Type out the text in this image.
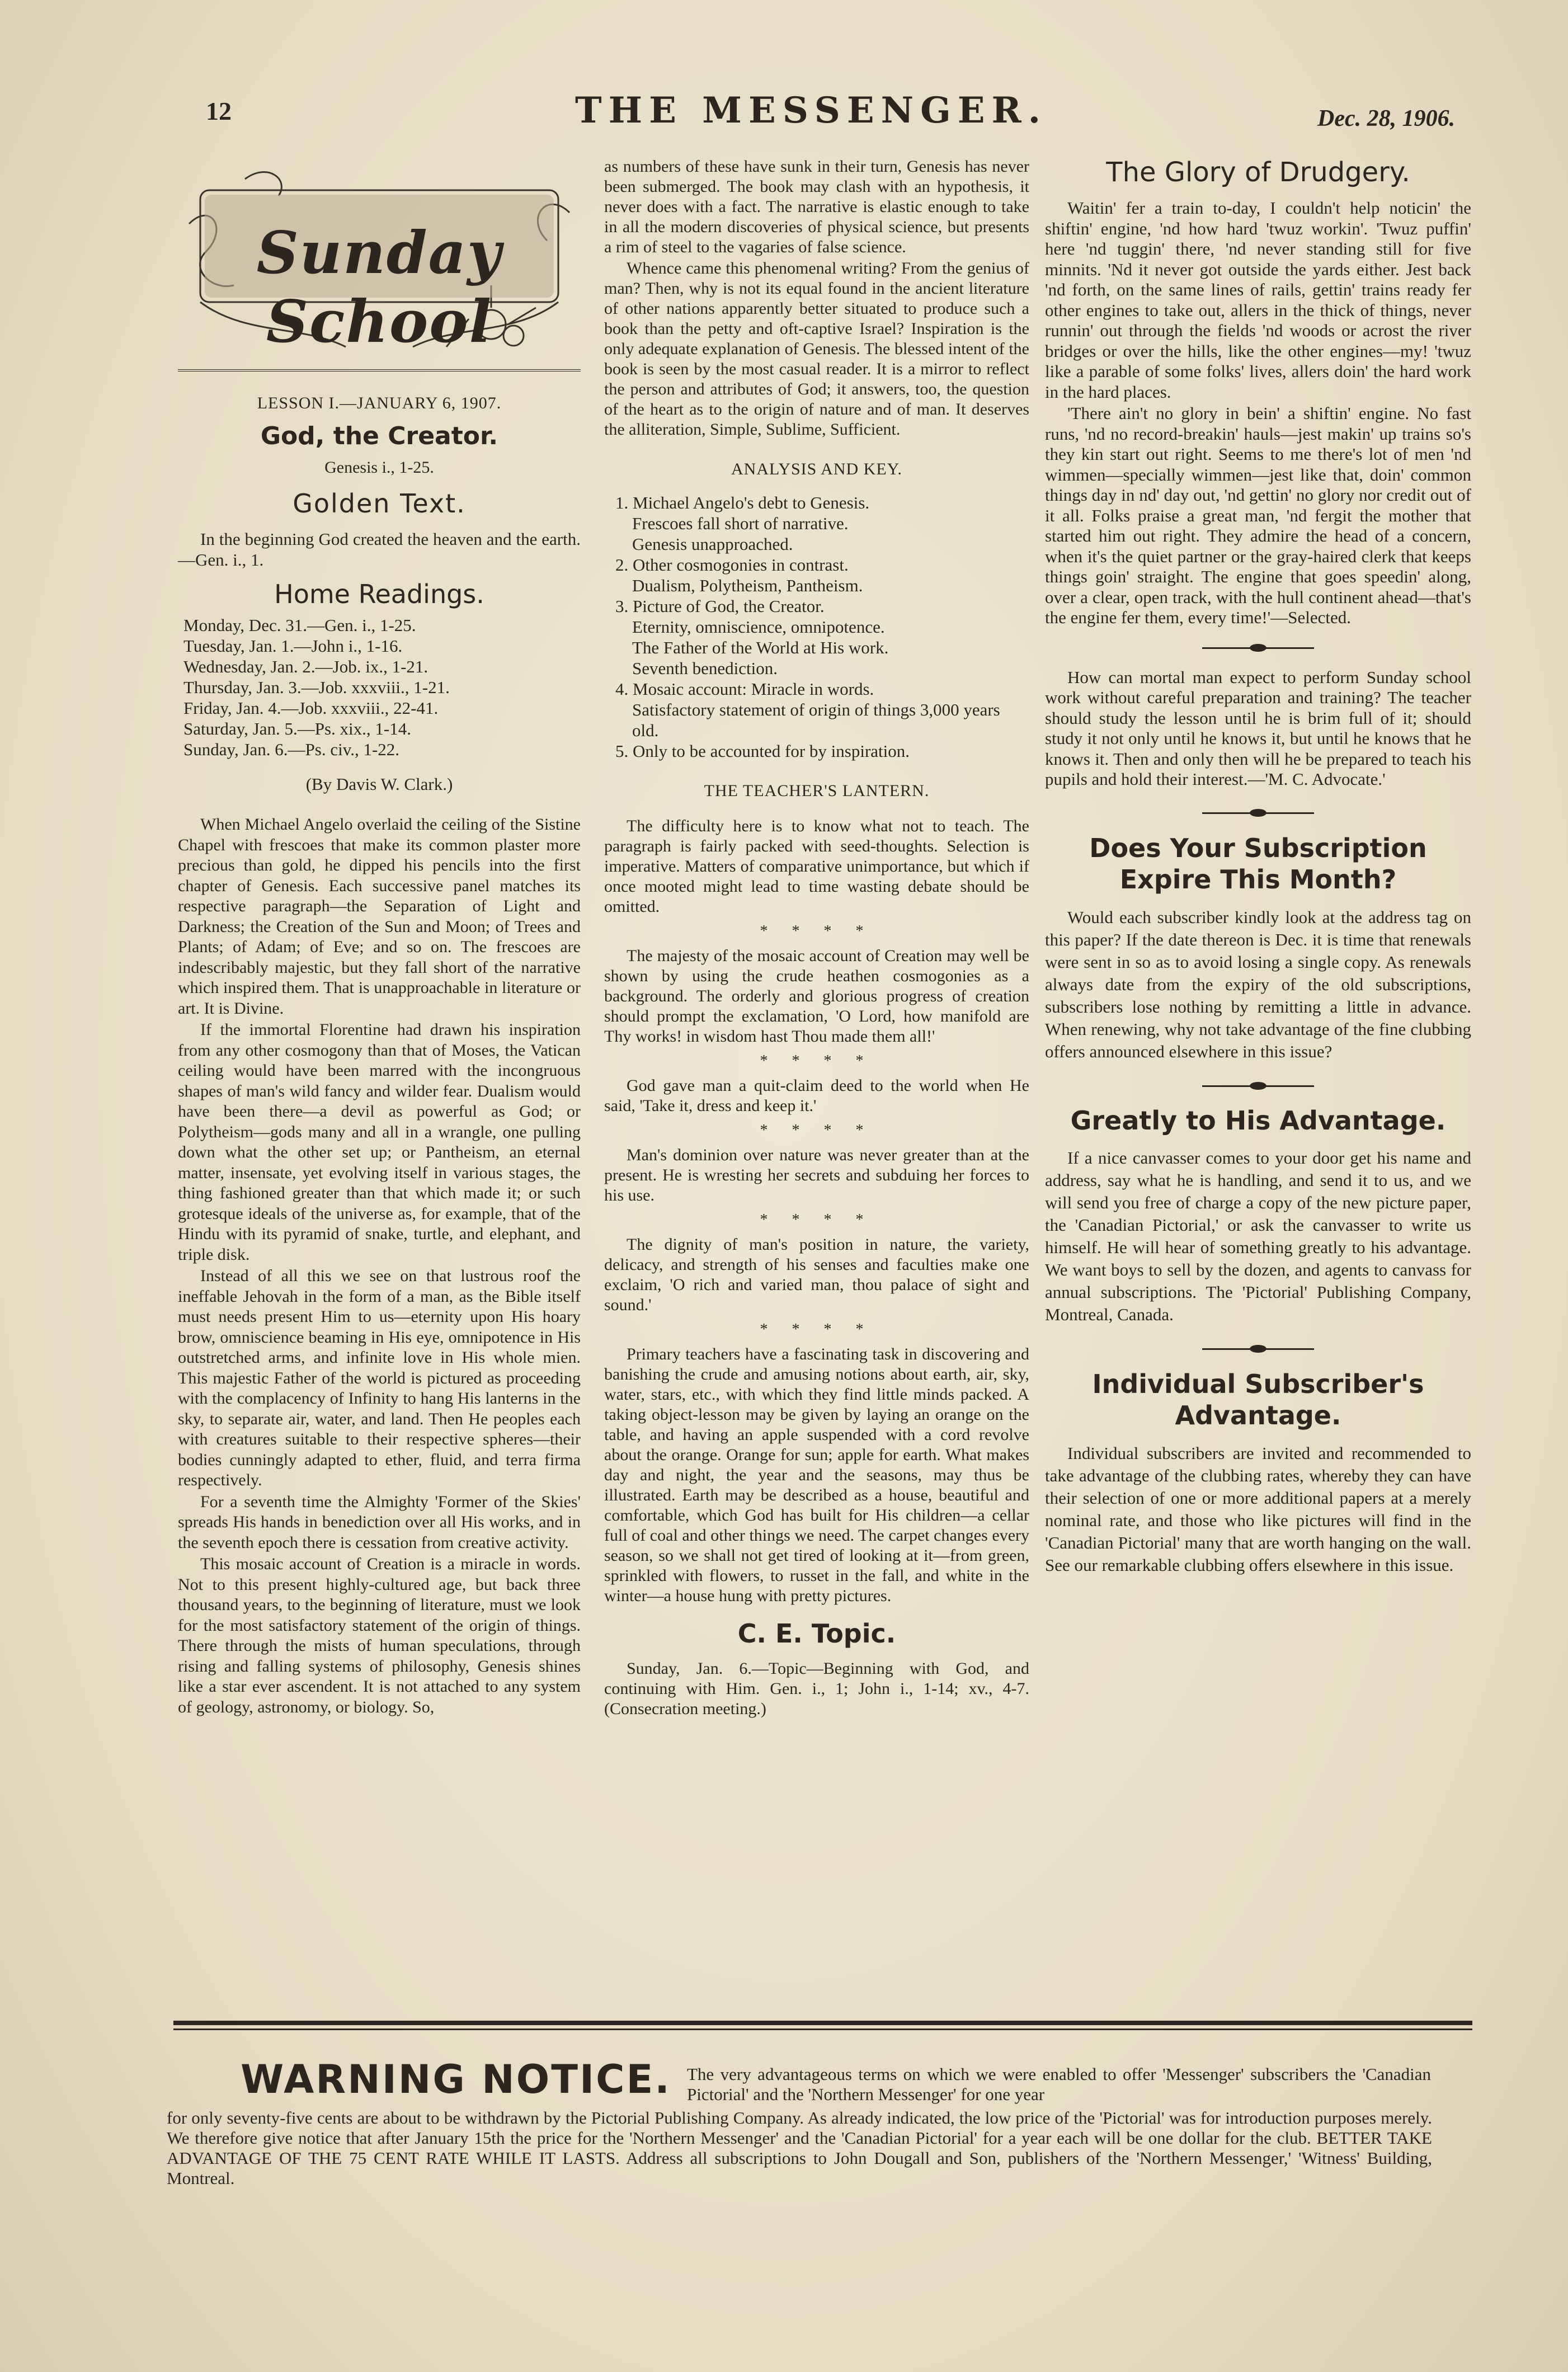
12	THE MESSENGER.	Dec. 28, 1906.
Sunday School
LESSON I.—JANUARY 6, 1907.
God, the Creator.
Genesis i., 1-25.
Golden Text.
In the beginning God created the heaven and the earth.—Gen. i., 1.
Home Readings.
Monday, Dec. 31.—Gen. i., 1-25.
Tuesday, Jan. 1.—John i., 1-16.
Wednesday, Jan. 2.—Job. ix., 1-21.
Thursday, Jan. 3.—Job. xxxviii., 1-21.
Friday, Jan. 4.—Job. xxxviii., 22-41.
Saturday, Jan. 5.—Ps. xix., 1-14.
Sunday, Jan. 6.—Ps. civ., 1-22.
(By Davis W. Clark.)

When Michael Angelo overlaid the ceiling of the Sistine Chapel with frescoes that make its common plaster more precious than gold, he dipped his pencils into the first chapter of Genesis. Each successive panel matches its respective paragraph—the Separation of Light and Darkness; the Creation of the Sun and Moon; of Trees and Plants; of Adam; of Eve; and so on. The frescoes are indescribably majestic, but they fall short of the narrative which inspired them. That is unapproachable in literature or art. It is Divine.

If the immortal Florentine had drawn his inspiration from any other cosmogony than that of Moses, the Vatican ceiling would have been marred with the incongruous shapes of man's wild fancy and wilder fear. Dualism would have been there—a devil as powerful as God; or Polytheism—gods many and all in a wrangle, one pulling down what the other set up; or Pantheism, an eternal matter, insensate, yet evolving itself in various stages, the thing fashioned greater than that which made it; or such grotesque ideals of the universe as, for example, that of the Hindu with its pyramid of snake, turtle, and elephant, and triple disk.

Instead of all this we see on that lustrous roof the ineffable Jehovah in the form of a man, as the Bible itself must needs present Him to us—eternity upon His hoary brow, omniscience beaming in His eye, omnipotence in His outstretched arms, and infinite love in His whole mien. This majestic Father of the world is pictured as proceeding with the complacency of Infinity to hang His lanterns in the sky, to separate air, water, and land. Then He peoples each with creatures suitable to their respective spheres—their bodies cunningly adapted to ether, fluid, and terra firma respectively.

For a seventh time the Almighty 'Former of the Skies' spreads His hands in benediction over all His works, and in the seventh epoch there is cessation from creative activity.

This mosaic account of Creation is a miracle in words. Not to this present highly-cultured age, but back three thousand years, to the beginning of literature, must we look for the most satisfactory statement of the origin of things. There through the mists of human speculations, through rising and falling systems of philosophy, Genesis shines like a star ever ascendent. It is not attached to any system of geology, astronomy, or biology. So,

as numbers of these have sunk in their turn, Genesis has never been submerged. The book may clash with an hypothesis, it never does with a fact. The narrative is elastic enough to take in all the modern discoveries of physical science, but presents a rim of steel to the vagaries of false science.

Whence came this phenomenal writing? From the genius of man? Then, why is not its equal found in the ancient literature of other nations apparently better situated to produce such a book than the petty and oft-captive Israel? Inspiration is the only adequate explanation of Genesis. The blessed intent of the book is seen by the most casual reader. It is a mirror to reflect the person and attributes of God; it answers, too, the question of the heart as to the origin of nature and of man. It deserves the alliteration, Simple, Sublime, Sufficient.

ANALYSIS AND KEY.
1. Michael Angelo's debt to Genesis.
Frescoes fall short of narrative.
Genesis unapproached.
2. Other cosmogonies in contrast.
Dualism, Polytheism, Pantheism.
3. Picture of God, the Creator.
Eternity, omniscience, omnipotence.
The Father of the World at His work.
Seventh benediction.
4. Mosaic account: Miracle in words.
Satisfactory statement of origin of things 3,000 years old.
5. Only to be accounted for by inspiration.
THE TEACHER'S LANTERN.

The difficulty here is to know what not to teach. The paragraph is fairly packed with seed-thoughts. Selection is imperative. Matters of comparative unimportance, but which if once mooted might lead to time wasting debate should be omitted.

* * * *

The majesty of the mosaic account of Creation may well be shown by using the crude heathen cosmogonies as a background. The orderly and glorious progress of creation should prompt the exclamation, 'O Lord, how manifold are Thy works! in wisdom hast Thou made them all!'

* * * *

God gave man a quit-claim deed to the world when He said, 'Take it, dress and keep it.'

* * * *

Man's dominion over nature was never greater than at the present. He is wresting her secrets and subduing her forces to his use.

* * * *

The dignity of man's position in nature, the variety, delicacy, and strength of his senses and faculties make one exclaim, 'O rich and varied man, thou palace of sight and sound.'

* * * *

Primary teachers have a fascinating task in discovering and banishing the crude and amusing notions about earth, air, sky, water, stars, etc., with which they find little minds packed. A taking object-lesson may be given by laying an orange on the table, and having an apple suspended with a cord revolve about the orange. Orange for sun; apple for earth. What makes day and night, the year and the seasons, may thus be illustrated. Earth may be described as a house, beautiful and comfortable, which God has built for His children—a cellar full of coal and other things we need. The carpet changes every season, so we shall not get tired of looking at it—from green, sprinkled with flowers, to russet in the fall, and white in the winter—a house hung with pretty pictures.

C. E. Topic.
Sunday, Jan. 6.—Topic—Beginning with God, and continuing with Him. Gen. i., 1; John i., 1-14; xv., 4-7. (Consecration meeting.)
The Glory of Drudgery.

Waitin' fer a train to-day, I couldn't help noticin' the shiftin' engine, 'nd how hard 'twuz workin'. 'Twuz puffin' here 'nd tuggin' there, 'nd never standing still for five minnits. 'Nd it never got outside the yards either. Jest back 'nd forth, on the same lines of rails, gettin' trains ready fer other engines to take out, allers in the thick of things, never runnin' out through the fields 'nd woods or acrost the river bridges or over the hills, like the other engines—my! 'twuz like a parable of some folks' lives, allers doin' the hard work in the hard places.

'There ain't no glory in bein' a shiftin' engine. No fast runs, 'nd no record-breakin' hauls—jest makin' up trains so's they kin start out right. Seems to me there's lot of men 'nd wimmen—specially wimmen—jest like that, doin' common things day in nd' day out, 'nd gettin' no glory nor credit out of it all. Folks praise a great man, 'nd fergit the mother that started him out right. They admire the head of a concern, when it's the quiet partner or the gray-haired clerk that keeps things goin' straight. The engine that goes speedin' along, over a clear, open track, with the hull continent ahead—that's the engine fer them, every time!'—Selected.

How can mortal man expect to perform Sunday school work without careful preparation and training? The teacher should study the lesson until he is brim full of it; should study it not only until he knows it, but until he knows that he knows it. Then and only then will he be prepared to teach his pupils and hold their interest.—'M. C. Advocate.'
Does Your Subscription Expire This Month?
Would each subscriber kindly look at the address tag on this paper? If the date thereon is Dec. it is time that renewals were sent in so as to avoid losing a single copy. As renewals always date from the expiry of the old subscriptions, subscribers lose nothing by remitting a little in advance. When renewing, why not take advantage of the fine clubbing offers announced elsewhere in this issue?
Greatly to His Advantage.
If a nice canvasser comes to your door get his name and address, say what he is handling, and send it to us, and we will send you free of charge a copy of the new picture paper, the 'Canadian Pictorial,' or ask the canvasser to write us himself. He will hear of something greatly to his advantage. We want boys to sell by the dozen, and agents to canvass for annual subscriptions. The 'Pictorial' Publishing Company, Montreal, Canada.
Individual Subscriber's Advantage.
Individual subscribers are invited and recommended to take advantage of the clubbing rates, whereby they can have their selection of one or more additional papers at a merely nominal rate, and those who like pictures will find in the 'Canadian Pictorial' many that are worth hanging on the wall. See our remarkable clubbing offers elsewhere in this issue.
WARNING NOTICE. The very advantageous terms on which we were enabled to offer 'Messenger' subscribers the 'Canadian Pictorial' and the 'Northern Messenger' for one year
for only seventy-five cents are about to be withdrawn by the Pictorial Publishing Company. As already indicated, the low price of the 'Pictorial' was for introduction purposes merely. We therefore give notice that after January 15th the price for the 'Northern Messenger' and the 'Canadian Pictorial' for a year each will be one dollar for the club. BETTER TAKE ADVANTAGE OF THE 75 CENT RATE WHILE IT LASTS. Address all subscriptions to John Dougall and Son, publishers of the 'Northern Messenger,' 'Witness' Building, Montreal.
